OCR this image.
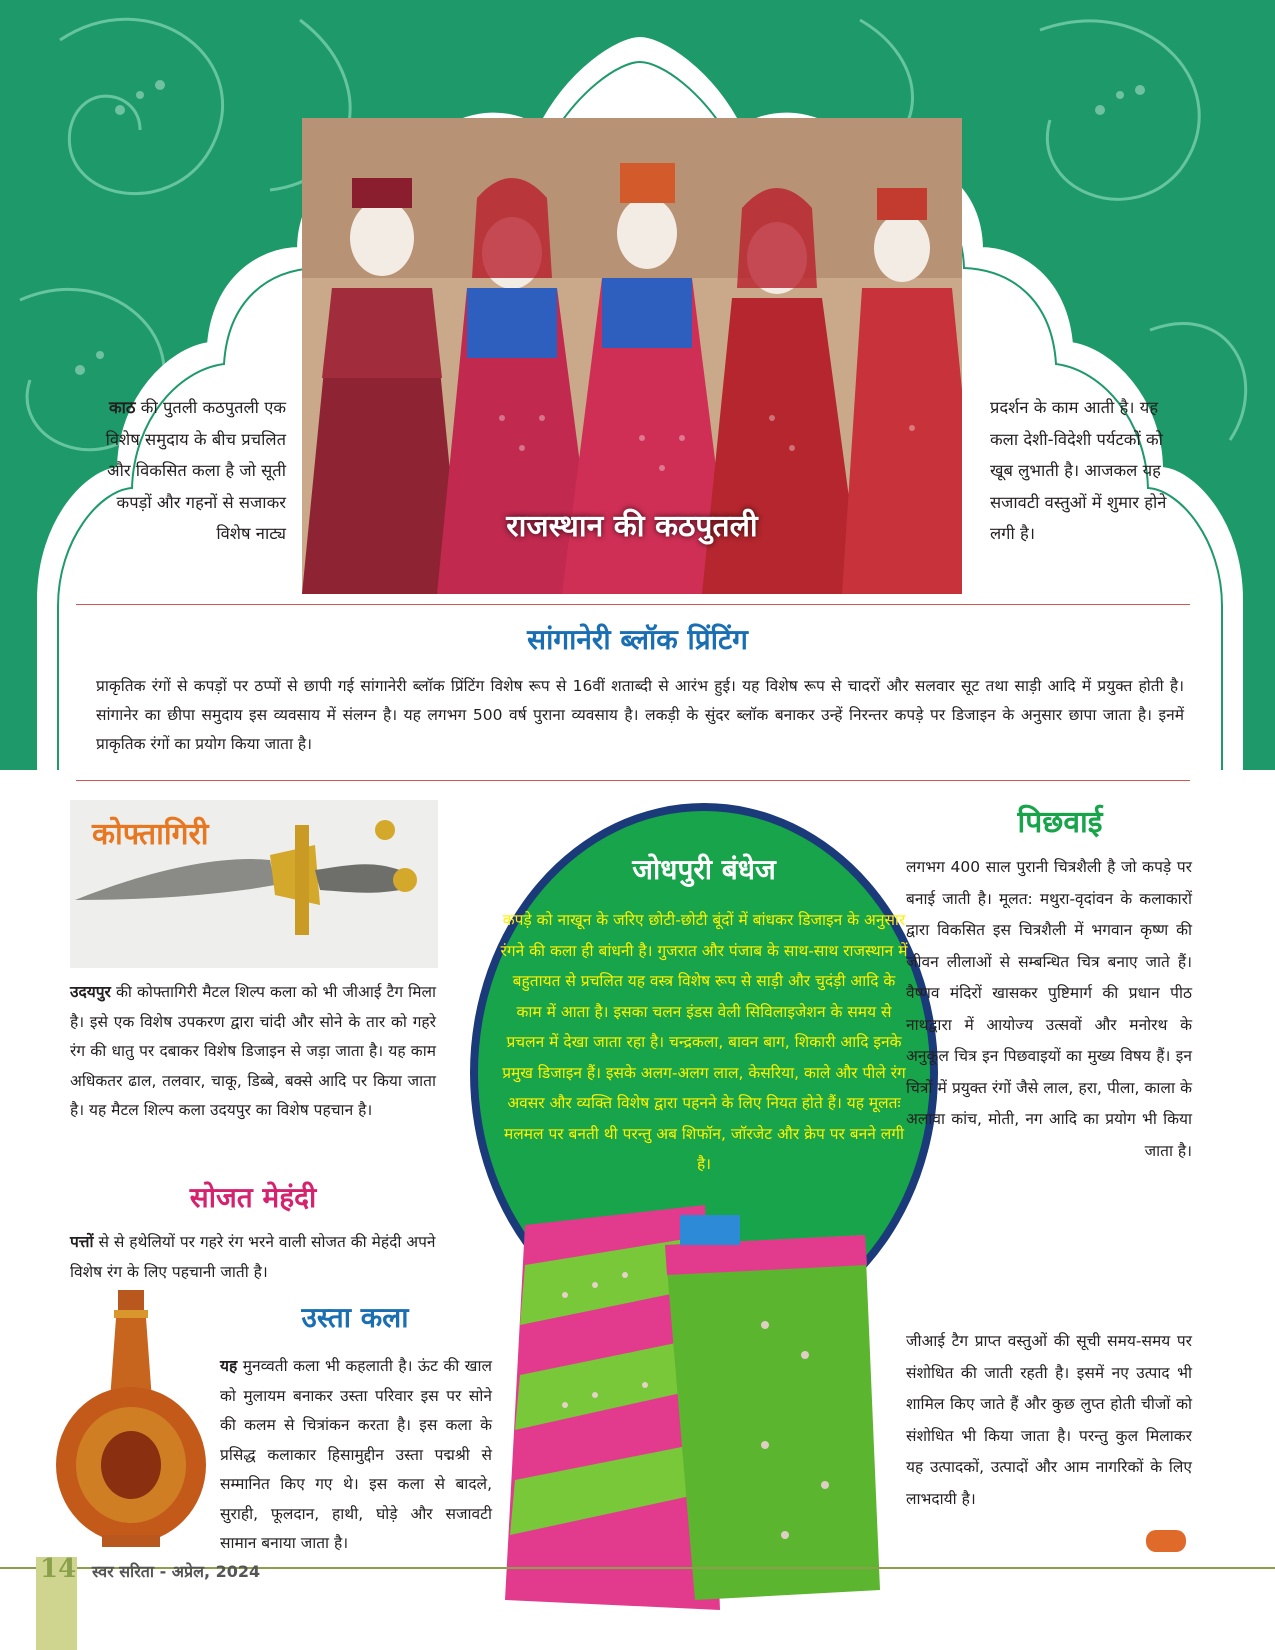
राजस्थान की कठपुतली
काठ की पुतली कठपुतली एक विशेष समुदाय के बीच प्रचलित और विकसित कला है जो सूती कपड़ों और गहनों से सजाकर विशेष नाट्य
प्रदर्शन के काम आती है। यह कला देशी-विदेशी पर्यटकों को खूब लुभाती है। आजकल यह सजावटी वस्तुओं में शुमार होने लगी है।
सांगानेरी ब्लॉक प्रिंटिंग
प्राकृतिक रंगों से कपड़ों पर ठप्पों से छापी गई सांगानेरी ब्लॉक प्रिंटिंग विशेष रूप से 16वीं शताब्दी से आरंभ हुई। यह विशेष रूप से चादरों और सलवार सूट तथा साड़ी आदि में प्रयुक्त होती है। सांगानेर का छीपा समुदाय इस व्यवसाय में संलग्न है। यह लगभग 500 वर्ष पुराना व्यवसाय है। लकड़ी के सुंदर ब्लॉक बनाकर उन्हें निरन्तर कपड़े पर डिजाइन के अनुसार छापा जाता है। इनमें प्राकृतिक रंगों का प्रयोग किया जाता है।
कोफ्तागिरी
उदयपुर की कोफ्तागिरी मैटल शिल्प कला को भी जीआई टैग मिला है। इसे एक विशेष उपकरण द्वारा चांदी और सोने के तार को गहरे रंग की धातु पर दबाकर विशेष डिजाइन से जड़ा जाता है। यह काम अधिकतर ढाल, तलवार, चाकू, डिब्बे, बक्से आदि पर किया जाता है। यह मैटल शिल्प कला उदयपुर का विशेष पहचान है।
सोजत मेहंदी
पत्तों से से हथेलियों पर गहरे रंग भरने वाली सोजत की मेहंदी अपने विशेष रंग के लिए पहचानी जाती है।
उस्ता कला
यह मुनव्वती कला भी कहलाती है। ऊंट की खाल को मुलायम बनाकर उस्ता परिवार इस पर सोने की कलम से चित्रांकन करता है। इस कला के प्रसिद्ध कलाकार हिसामुद्दीन उस्ता पद्मश्री से सम्मानित किए गए थे। इस कला से बादले, सुराही, फूलदान, हाथी, घोड़े और सजावटी सामान बनाया जाता है।
जोधपुरी बंधेज
कपड़े को नाखून के जरिए छोटी-छोटी बूंदों में बांधकर डिजाइन के अनुसार रंगने की कला ही बांधनी है। गुजरात और पंजाब के साथ-साथ राजस्थान में बहुतायत से प्रचलित यह वस्त्र विशेष रूप से साड़ी और चुदंड़ी आदि के काम में आता है। इसका चलन इंडस वेली सिविलाइजेशन के समय से प्रचलन में देखा जाता रहा है। चन्द्रकला, बावन बाग, शिकारी आदि इनके प्रमुख डिजाइन हैं। इसके अलग-अलग लाल, केसरिया, काले और पीले रंग अवसर और व्यक्ति विशेष द्वारा पहनने के लिए नियत होते हैं। यह मूलतः मलमल पर बनती थी परन्तु अब शिफॉन, जॉरजेट और क्रेप पर बनने लगी है।
पिछवाई
लगभग 400 साल पुरानी चित्रशैली है जो कपड़े पर बनाई जाती है। मूलत: मथुरा-वृदांवन के कलाकारों द्वारा विकसित इस चित्रशैली में भगवान कृष्ण की जीवन लीलाओं से सम्बन्धित चित्र बनाए जाते हैं। वैष्णव मंदिरों खासकर पुष्टिमार्ग की प्रधान पीठ नाथद्वारा में आयोज्य उत्सवों और मनोरथ के अनुकूल चित्र इन पिछवाइयों का मुख्य विषय हैं। इन चित्रों में प्रयुक्त रंगों जैसे लाल, हरा, पीला, काला के अलावा कांच, मोती, नग आदि का प्रयोग भी किया जाता है।
जीआई टैग प्राप्त वस्तुओं की सूची समय-समय पर संशोधित की जाती रहती है। इसमें नए उत्पाद भी शामिल किए जाते हैं और कुछ लुप्त होती चीजों को संशोधित भी किया जाता है। परन्तु कुल मिलाकर यह उत्पादकों, उत्पादों और आम नागरिकों के लिए लाभदायी है।
14 स्वर सरिता - अप्रेल, 2024
